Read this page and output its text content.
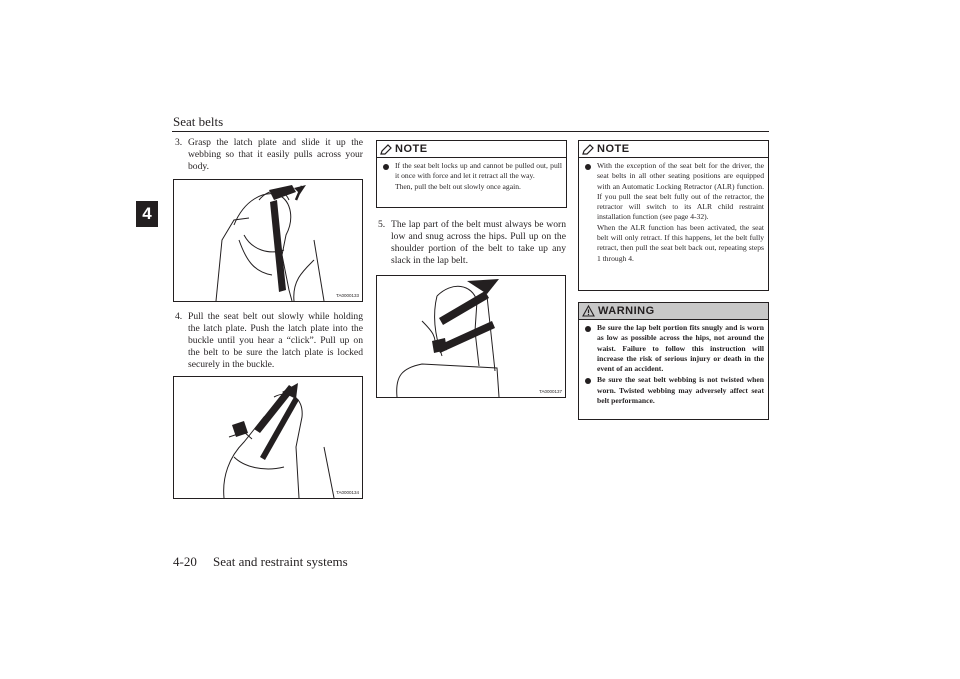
Seat belts
4
3. Grasp the latch plate and slide it up the webbing so that it easily pulls across your body.
TA0000133
4. Pull the seat belt out slowly while holding the latch plate. Push the latch plate into the buckle until you hear a “click”. Pull up on the belt to be sure the latch plate is locked securely in the buckle.
TA0000134
NOTE
If the seat belt locks up and cannot be pulled out, pull it once with force and let it retract all the way.
Then, pull the belt out slowly once again.
5. The lap part of the belt must always be worn low and snug across the hips. Pull up on the shoulder portion of the belt to take up any slack in the lap belt.
TA0000137
NOTE
With the exception of the seat belt for the driver, the seat belts in all other seating positions are equipped with an Automatic Locking Retractor (ALR) function. If you pull the seat belt fully out of the retractor, the retractor will switch to its ALR child restraint installation function (see page 4-32).
When the ALR function has been activated, the seat belt will only retract. If this happens, let the belt fully retract, then pull the seat belt back out, repeating steps 1 through 4.
WARNING
Be sure the lap belt portion fits snugly and is worn as low as possible across the hips, not around the waist. Failure to follow this instruction will increase the risk of serious injury or death in the event of an accident.
Be sure the seat belt webbing is not twisted when worn. Twisted webbing may adversely affect seat belt performance.
4-20 Seat and restraint systems
